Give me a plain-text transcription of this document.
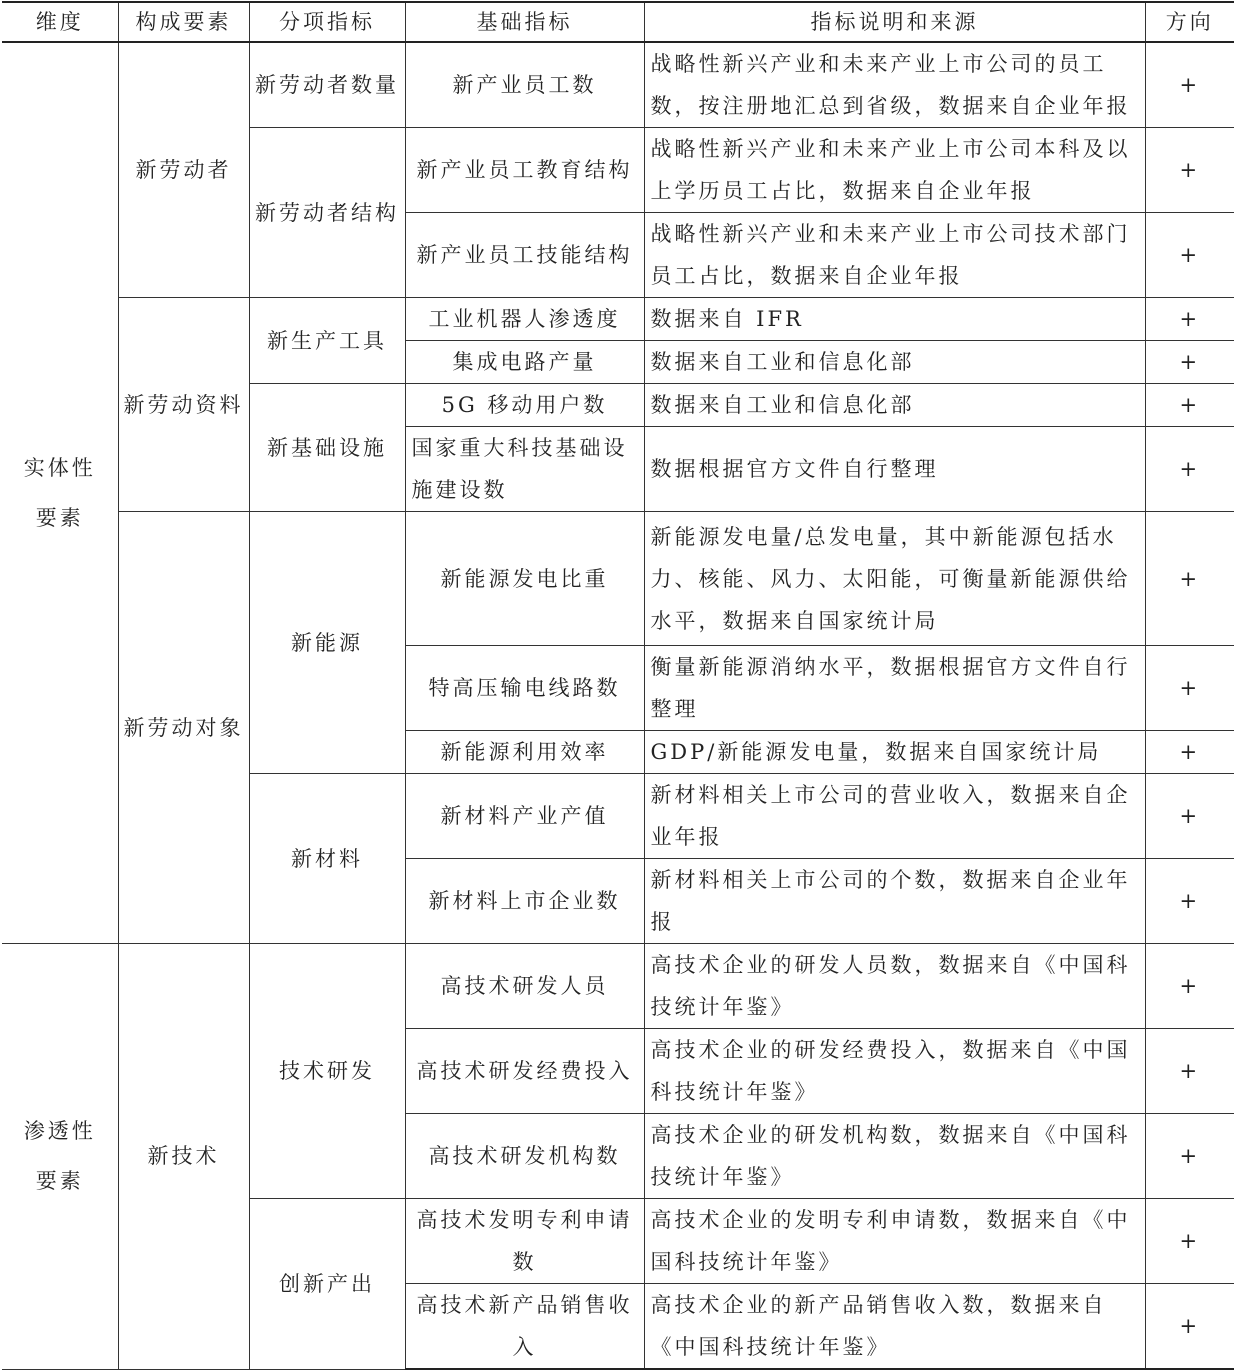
维度	构成要素	分项指标	基础指标	指标说明和来源	方向

实体性要素	新劳动者	新劳动者数量	新产业员工数	战略性新兴产业和未来产业上市公司的员工数，按注册地汇总到省级，数据来自企业年报	+
		新劳动者结构	新产业员工教育结构	战略性新兴产业和未来产业上市公司本科及以上学历员工占比，数据来自企业年报	+
			新产业员工技能结构	战略性新兴产业和未来产业上市公司技术部门员工占比，数据来自企业年报	+
	新劳动资料	新生产工具	工业机器人渗透度	数据来自 IFR	+
			集成电路产量	数据来自工业和信息化部	+
		新基础设施	5G 移动用户数	数据来自工业和信息化部	+
			国家重大科技基础设施建设数	数据根据官方文件自行整理	+
	新劳动对象	新能源	新能源发电比重	新能源发电量/总发电量，其中新能源包括水力、核能、风力、太阳能，可衡量新能源供给水平，数据来自国家统计局	+
			特高压输电线路数	衡量新能源消纳水平，数据根据官方文件自行整理	+
			新能源利用效率	GDP/新能源发电量，数据来自国家统计局	+
		新材料	新材料产业产值	新材料相关上市公司的营业收入，数据来自企业年报	+
			新材料上市企业数	新材料相关上市公司的个数，数据来自企业年报	+

渗透性要素	新技术	技术研发	高技术研发人员	高技术企业的研发人员数，数据来自《中国科技统计年鉴》	+
			高技术研发经费投入	高技术企业的研发经费投入，数据来自《中国科技统计年鉴》	+
			高技术研发机构数	高技术企业的研发机构数，数据来自《中国科技统计年鉴》	+
		创新产出	高技术发明专利申请数	高技术企业的发明专利申请数，数据来自《中国科技统计年鉴》	+
			高技术新产品销售收入	高技术企业的新产品销售收入数，数据来自《中国科技统计年鉴》	+
